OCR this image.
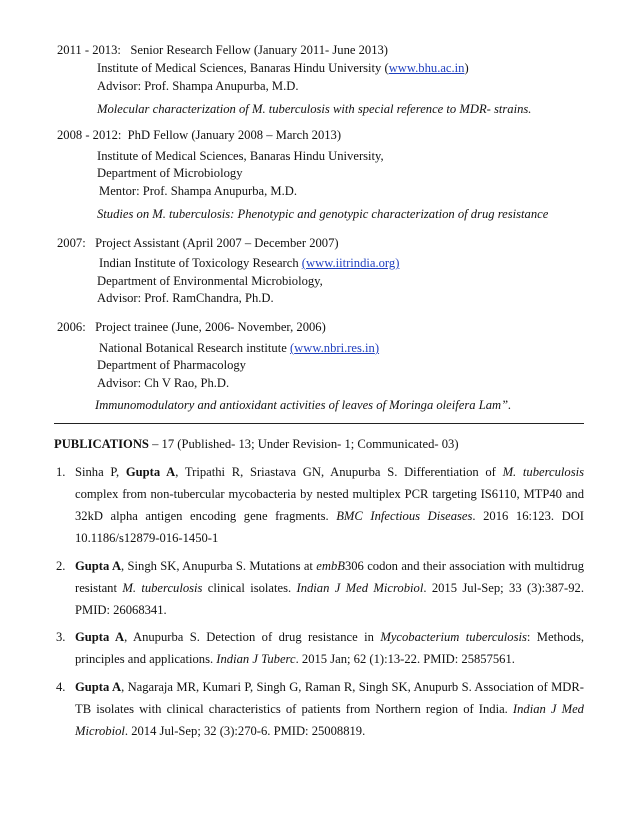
2011 - 2013: Senior Research Fellow (January 2011- June 2013)
Institute of Medical Sciences, Banaras Hindu University (www.bhu.ac.in)
Advisor: Prof. Shampa Anupurba, M.D.
Molecular characterization of M. tuberculosis with special reference to MDR- strains.
2008 - 2012: PhD Fellow (January 2008 – March 2013)
Institute of Medical Sciences, Banaras Hindu University,
Department of Microbiology
Mentor: Prof. Shampa Anupurba, M.D.
Studies on M. tuberculosis: Phenotypic and genotypic characterization of drug resistance
2007: Project Assistant (April 2007 – December 2007)
Indian Institute of Toxicology Research (www.iitrindia.org)
Department of Environmental Microbiology,
Advisor: Prof. RamChandra, Ph.D.
2006: Project trainee (June, 2006- November, 2006)
National Botanical Research institute (www.nbri.res.in)
Department of Pharmacology
Advisor: Ch V Rao, Ph.D.
Immunomodulatory and antioxidant activities of leaves of Moringa oleifera Lam”.
PUBLICATIONS – 17 (Published- 13; Under Revision- 1; Communicated- 03)
1. Sinha P, Gupta A, Tripathi R, Sriastava GN, Anupurba S. Differentiation of M. tuberculosis complex from non-tubercular mycobacteria by nested multiplex PCR targeting IS6110, MTP40 and 32kD alpha antigen encoding gene fragments. BMC Infectious Diseases. 2016 16:123. DOI 10.1186/s12879-016-1450-1
2. Gupta A, Singh SK, Anupurba S. Mutations at embB306 codon and their association with multidrug resistant M. tuberculosis clinical isolates. Indian J Med Microbiol. 2015 Jul-Sep; 33 (3):387-92. PMID: 26068341.
3. Gupta A, Anupurba S. Detection of drug resistance in Mycobacterium tuberculosis: Methods, principles and applications. Indian J Tuberc. 2015 Jan; 62 (1):13-22. PMID: 25857561.
4. Gupta A, Nagaraja MR, Kumari P, Singh G, Raman R, Singh SK, Anupurb S. Association of MDR-TB isolates with clinical characteristics of patients from Northern region of India. Indian J Med Microbiol. 2014 Jul-Sep; 32 (3):270-6. PMID: 25008819.
